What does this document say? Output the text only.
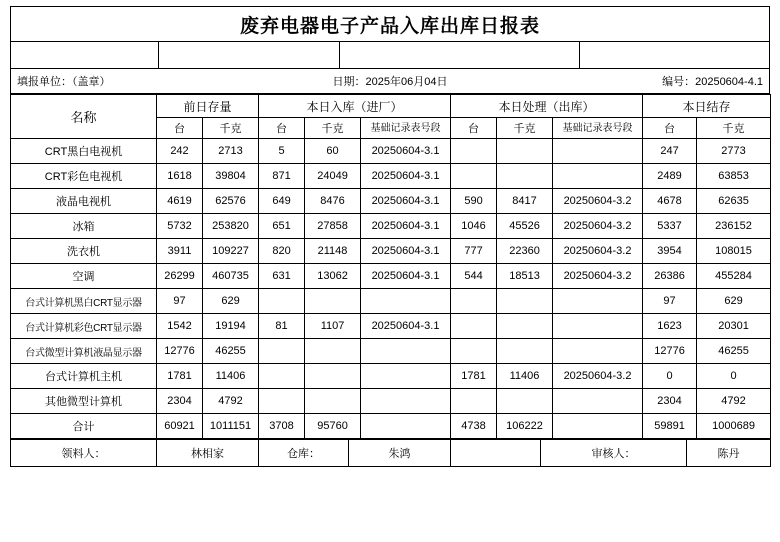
废弃电器电子产品入库出库日报表
填报单位：（盖章）	日期：2025年06月04日	编号：20250604-4.1
名称	前日存量		本日入库（进厂）			本日处理（出库）			本日结存	
	台	千克	台	千克	基础记录表号段	台	千克	基础记录表号段	台	千克
CRT黑白电视机	242	2713	5	60	20250604-3.1				247	2773
CRT彩色电视机	1618	39804	871	24049	20250604-3.1				2489	63853
液晶电视机	4619	62576	649	8476	20250604-3.1	590	8417	20250604-3.2	4678	62635
冰箱	5732	253820	651	27858	20250604-3.1	1046	45526	20250604-3.2	5337	236152
洗衣机	3911	109227	820	21148	20250604-3.1	777	22360	20250604-3.2	3954	108015
空调	26299	460735	631	13062	20250604-3.1	544	18513	20250604-3.2	26386	455284
台式计算机黑白CRT显示器	97	629							97	629
台式计算机彩色CRT显示器	1542	19194	81	1107	20250604-3.1				1623	20301
台式微型计算机液晶显示器	12776	46255							12776	46255
台式计算机主机	1781	11406				1781	11406	20250604-3.2	0	0
其他微型计算机	2304	4792							2304	4792
合计	60921	1011151	3708	95760		4738	106222		59891	1000689
领料人：	林相家	仓库：	朱鸿		审核人：	陈丹
